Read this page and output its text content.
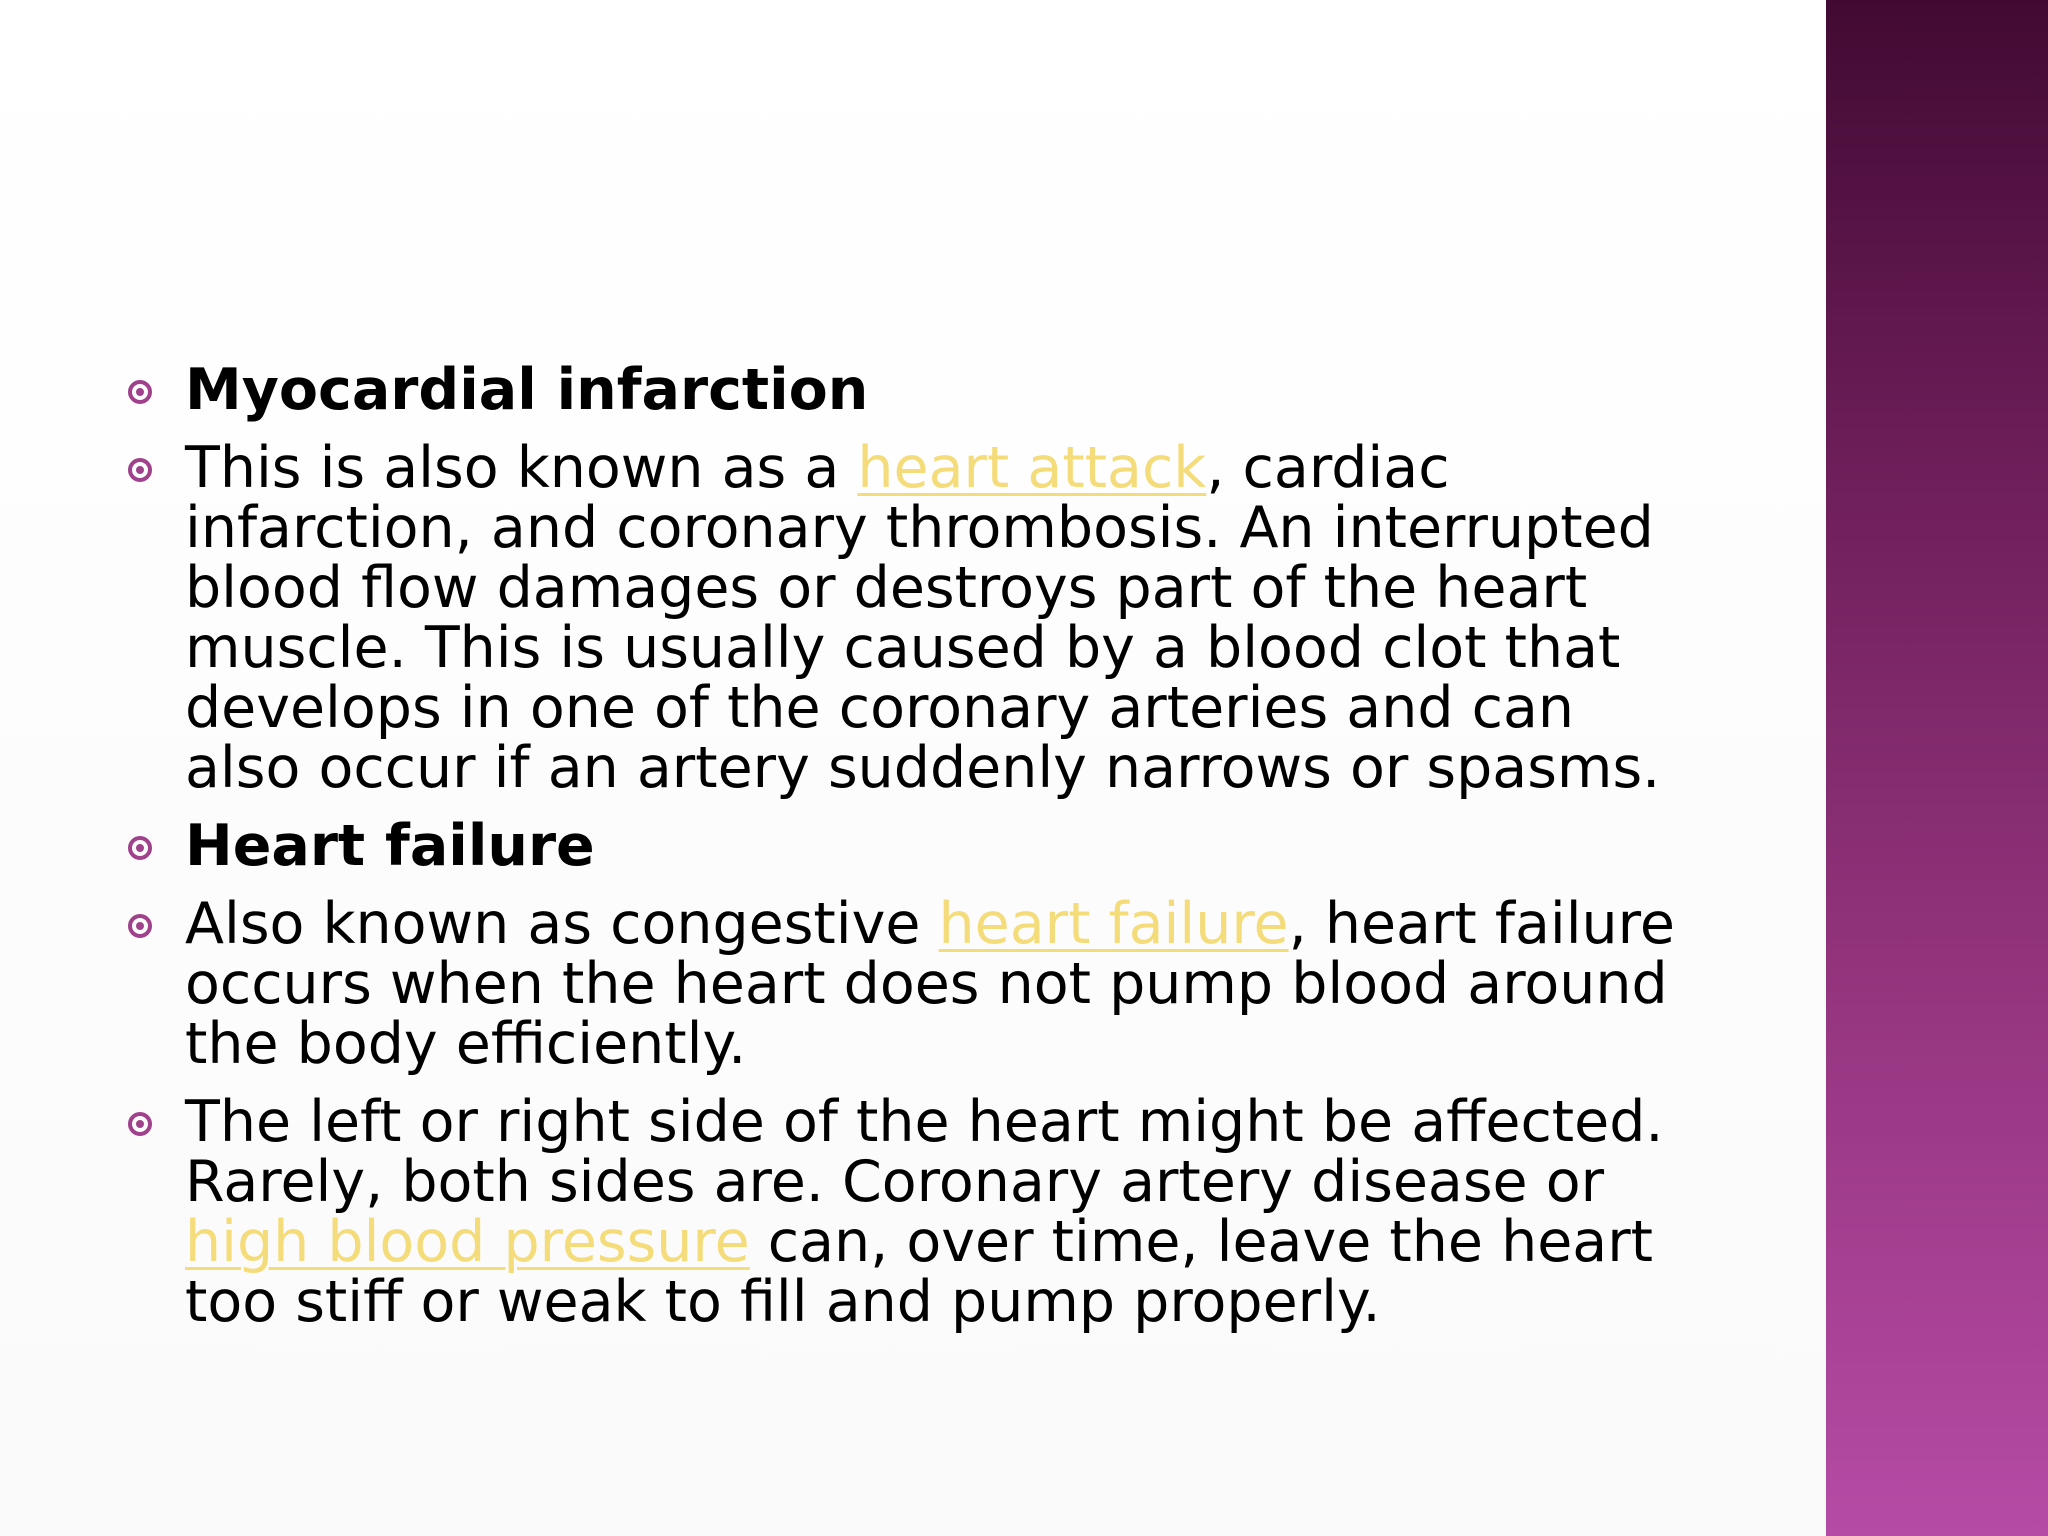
Myocardial infarction
This is also known as a heart attack, cardiac infarction, and coronary thrombosis. An interrupted blood flow damages or destroys part of the heart muscle. This is usually caused by a blood clot that develops in one of the coronary arteries and can also occur if an artery suddenly narrows or spasms.
Heart failure
Also known as congestive heart failure, heart failure occurs when the heart does not pump blood around the body efficiently.
The left or right side of the heart might be affected. Rarely, both sides are. Coronary artery disease or high blood pressure can, over time, leave the heart too stiff or weak to fill and pump properly.
